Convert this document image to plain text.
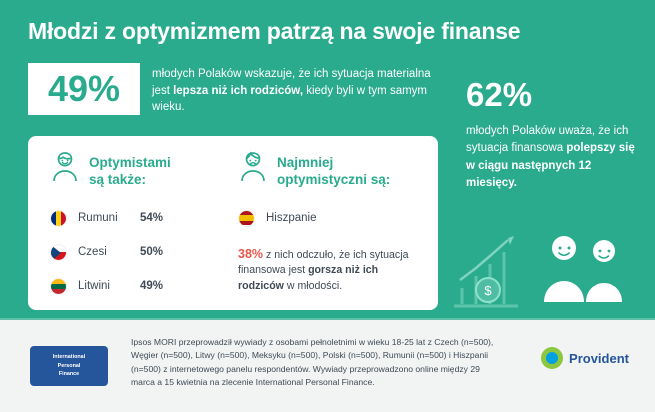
Młodzi z optymizmem patrzą na swoje finanse
49%	młodych Polaków wskazuje, że ich sytuacja materialna jest lepsza niż ich rodziców, kiedy byli w tym samym wieku.	62%
młodych Polaków uważa, że ich sytuacja finansowa polepszy się w ciągu następnych 12 miesięcy.
Optymistami
są także:
Rumuni	54%
Czesi	50%
Litwini	49%
Najmniej
optymistyczni są:
Hiszpanie
38% z nich odczuło, że ich sytuacja finansowa jest gorsza niż ich rodziców w młodości.	$
International
Personal
Finance
Ipsos MORI przeprowadził wywiady z osobami pełnoletnimi w wieku 18-25 lat z Czech (n=500), Węgier (n=500), Litwy (n=500), Meksyku (n=500), Polski (n=500), Rumunii (n=500) i Hiszpanii (n=500) z internetowego panelu respondentów. Wywiady przeprowadzono online między 29 marca a 15 kwietnia na zlecenie International Personal Finance.
Provident
